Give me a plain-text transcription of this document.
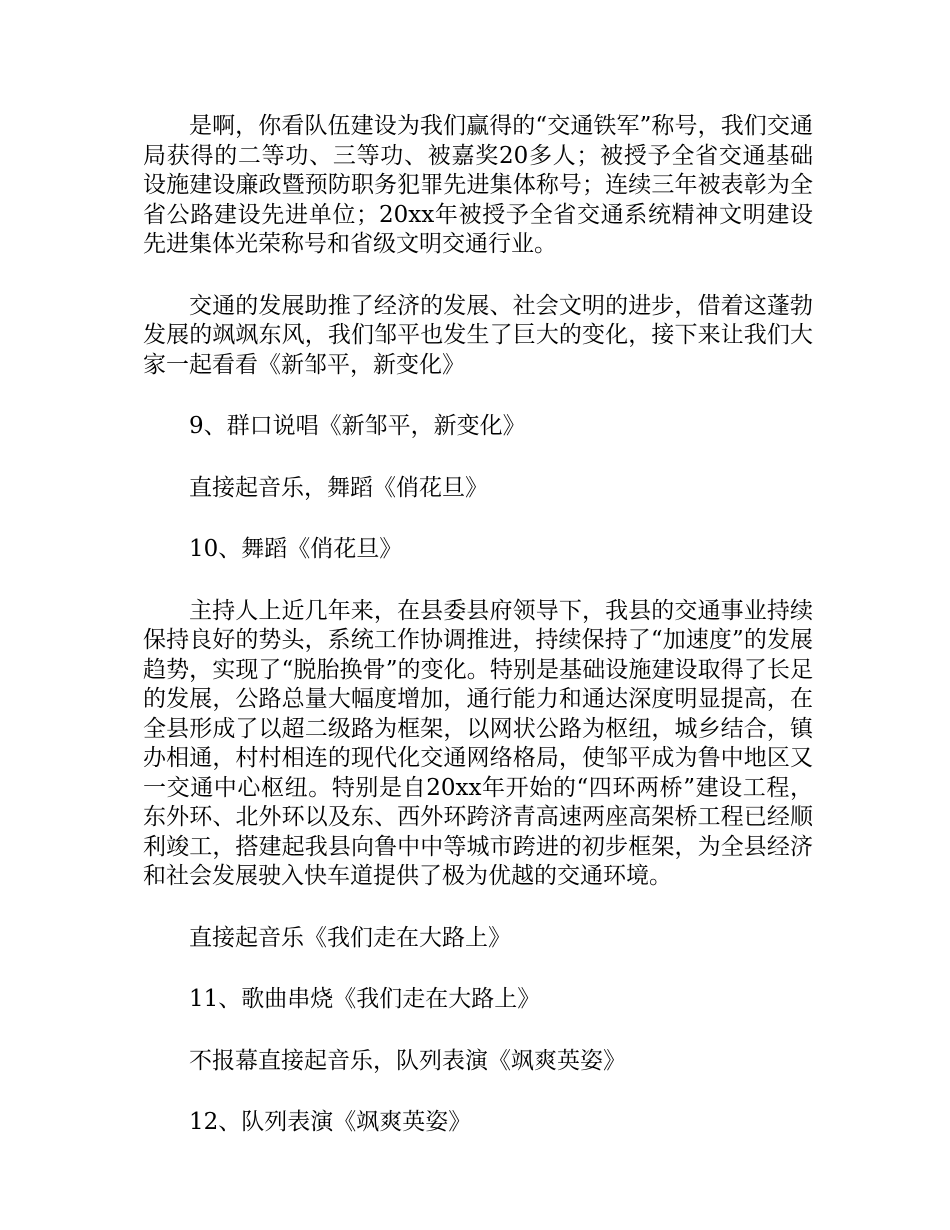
是啊，你看队伍建设为我们赢得的“交通铁军”称号，我们交通局获得的二等功、三等功、被嘉奖20多人；被授予全省交通基础设施建设廉政暨预防职务犯罪先进集体称号；连续三年被表彰为全省公路建设先进单位；20xx年被授予全省交通系统精神文明建设先进集体光荣称号和省级文明交通行业。

交通的发展助推了经济的发展、社会文明的进步，借着这蓬勃发展的飒飒东风，我们邹平也发生了巨大的变化，接下来让我们大家一起看看《新邹平，新变化》

9、群口说唱《新邹平，新变化》

直接起音乐，舞蹈《俏花旦》

10、舞蹈《俏花旦》

主持人上近几年来，在县委县府领导下，我县的交通事业持续保持良好的势头，系统工作协调推进，持续保持了“加速度”的发展趋势，实现了“脱胎换骨”的变化。特别是基础设施建设取得了长足的发展，公路总量大幅度增加，通行能力和通达深度明显提高，在全县形成了以超二级路为框架，以网状公路为枢纽，城乡结合，镇办相通，村村相连的现代化交通网络格局，使邹平成为鲁中地区又一交通中心枢纽。特别是自20xx年开始的“四环两桥”建设工程，东外环、北外环以及东、西外环跨济青高速两座高架桥工程已经顺利竣工，搭建起我县向鲁中中等城市跨进的初步框架，为全县经济和社会发展驶入快车道提供了极为优越的交通环境。

直接起音乐《我们走在大路上》

11、歌曲串烧《我们走在大路上》

不报幕直接起音乐，队列表演《飒爽英姿》

12、队列表演《飒爽英姿》
